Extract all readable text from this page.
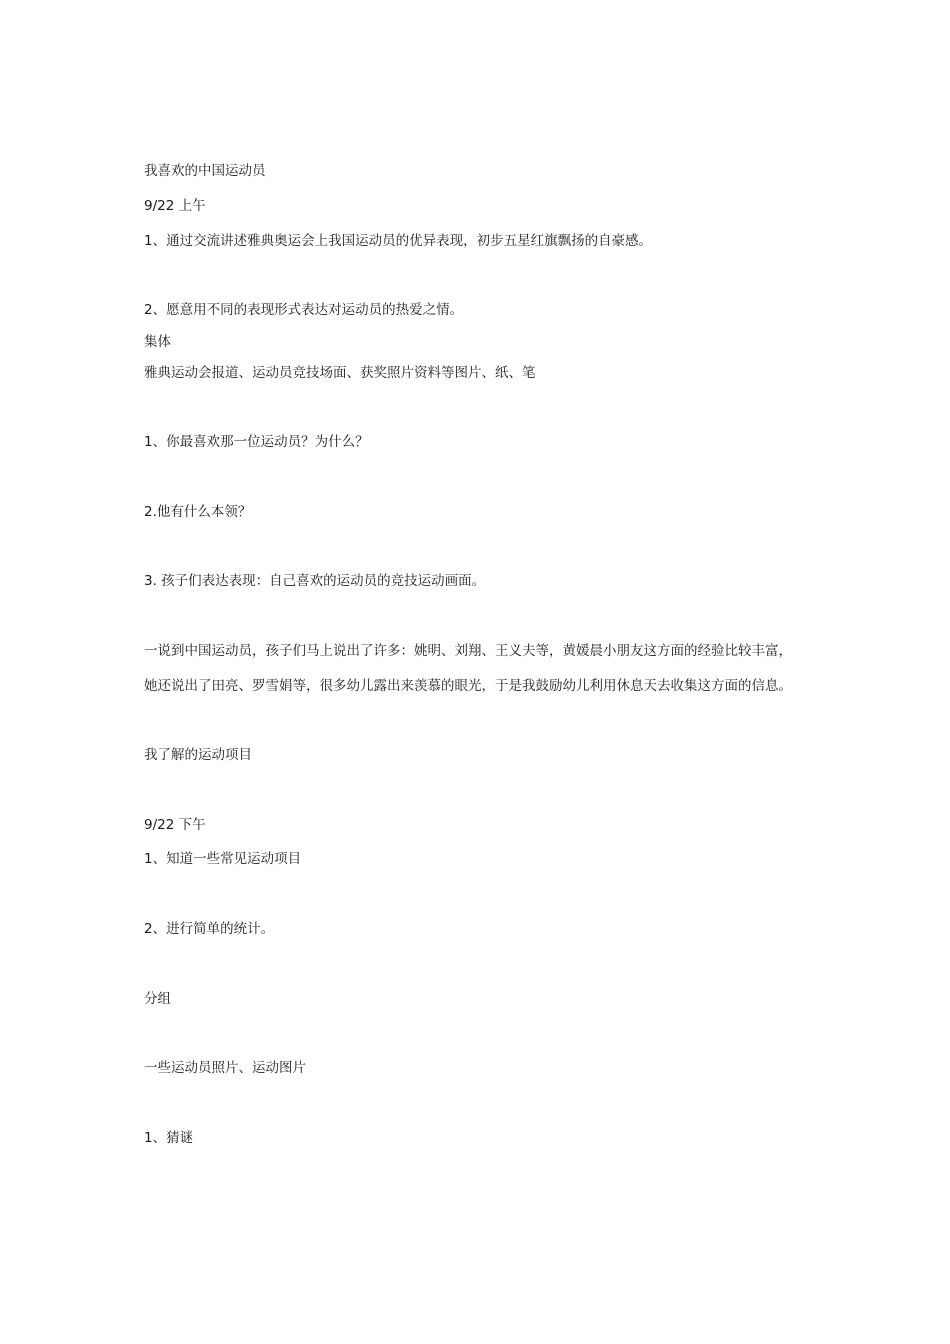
我喜欢的中国运动员

9/22 上午

1、通过交流讲述雅典奥运会上我国运动员的优异表现，初步五星红旗飘扬的自豪感。

2、愿意用不同的表现形式表达对运动员的热爱之情。

集体

雅典运动会报道、运动员竞技场面、获奖照片资料等图片、纸、笔

1、你最喜欢那一位运动员？为什么？

2.他有什么本领？

3. 孩子们表达表现：自己喜欢的运动员的竞技运动画面。

一说到中国运动员，孩子们马上说出了许多：姚明、刘翔、王义夫等，黄媛晨小朋友这方面的经验比较丰富，

她还说出了田亮、罗雪娟等，很多幼儿露出来羡慕的眼光，于是我鼓励幼儿利用休息天去收集这方面的信息。

我了解的运动项目

9/22 下午

1、知道一些常见运动项目

2、进行简单的统计。

分组

一些运动员照片、运动图片

1、猜谜
